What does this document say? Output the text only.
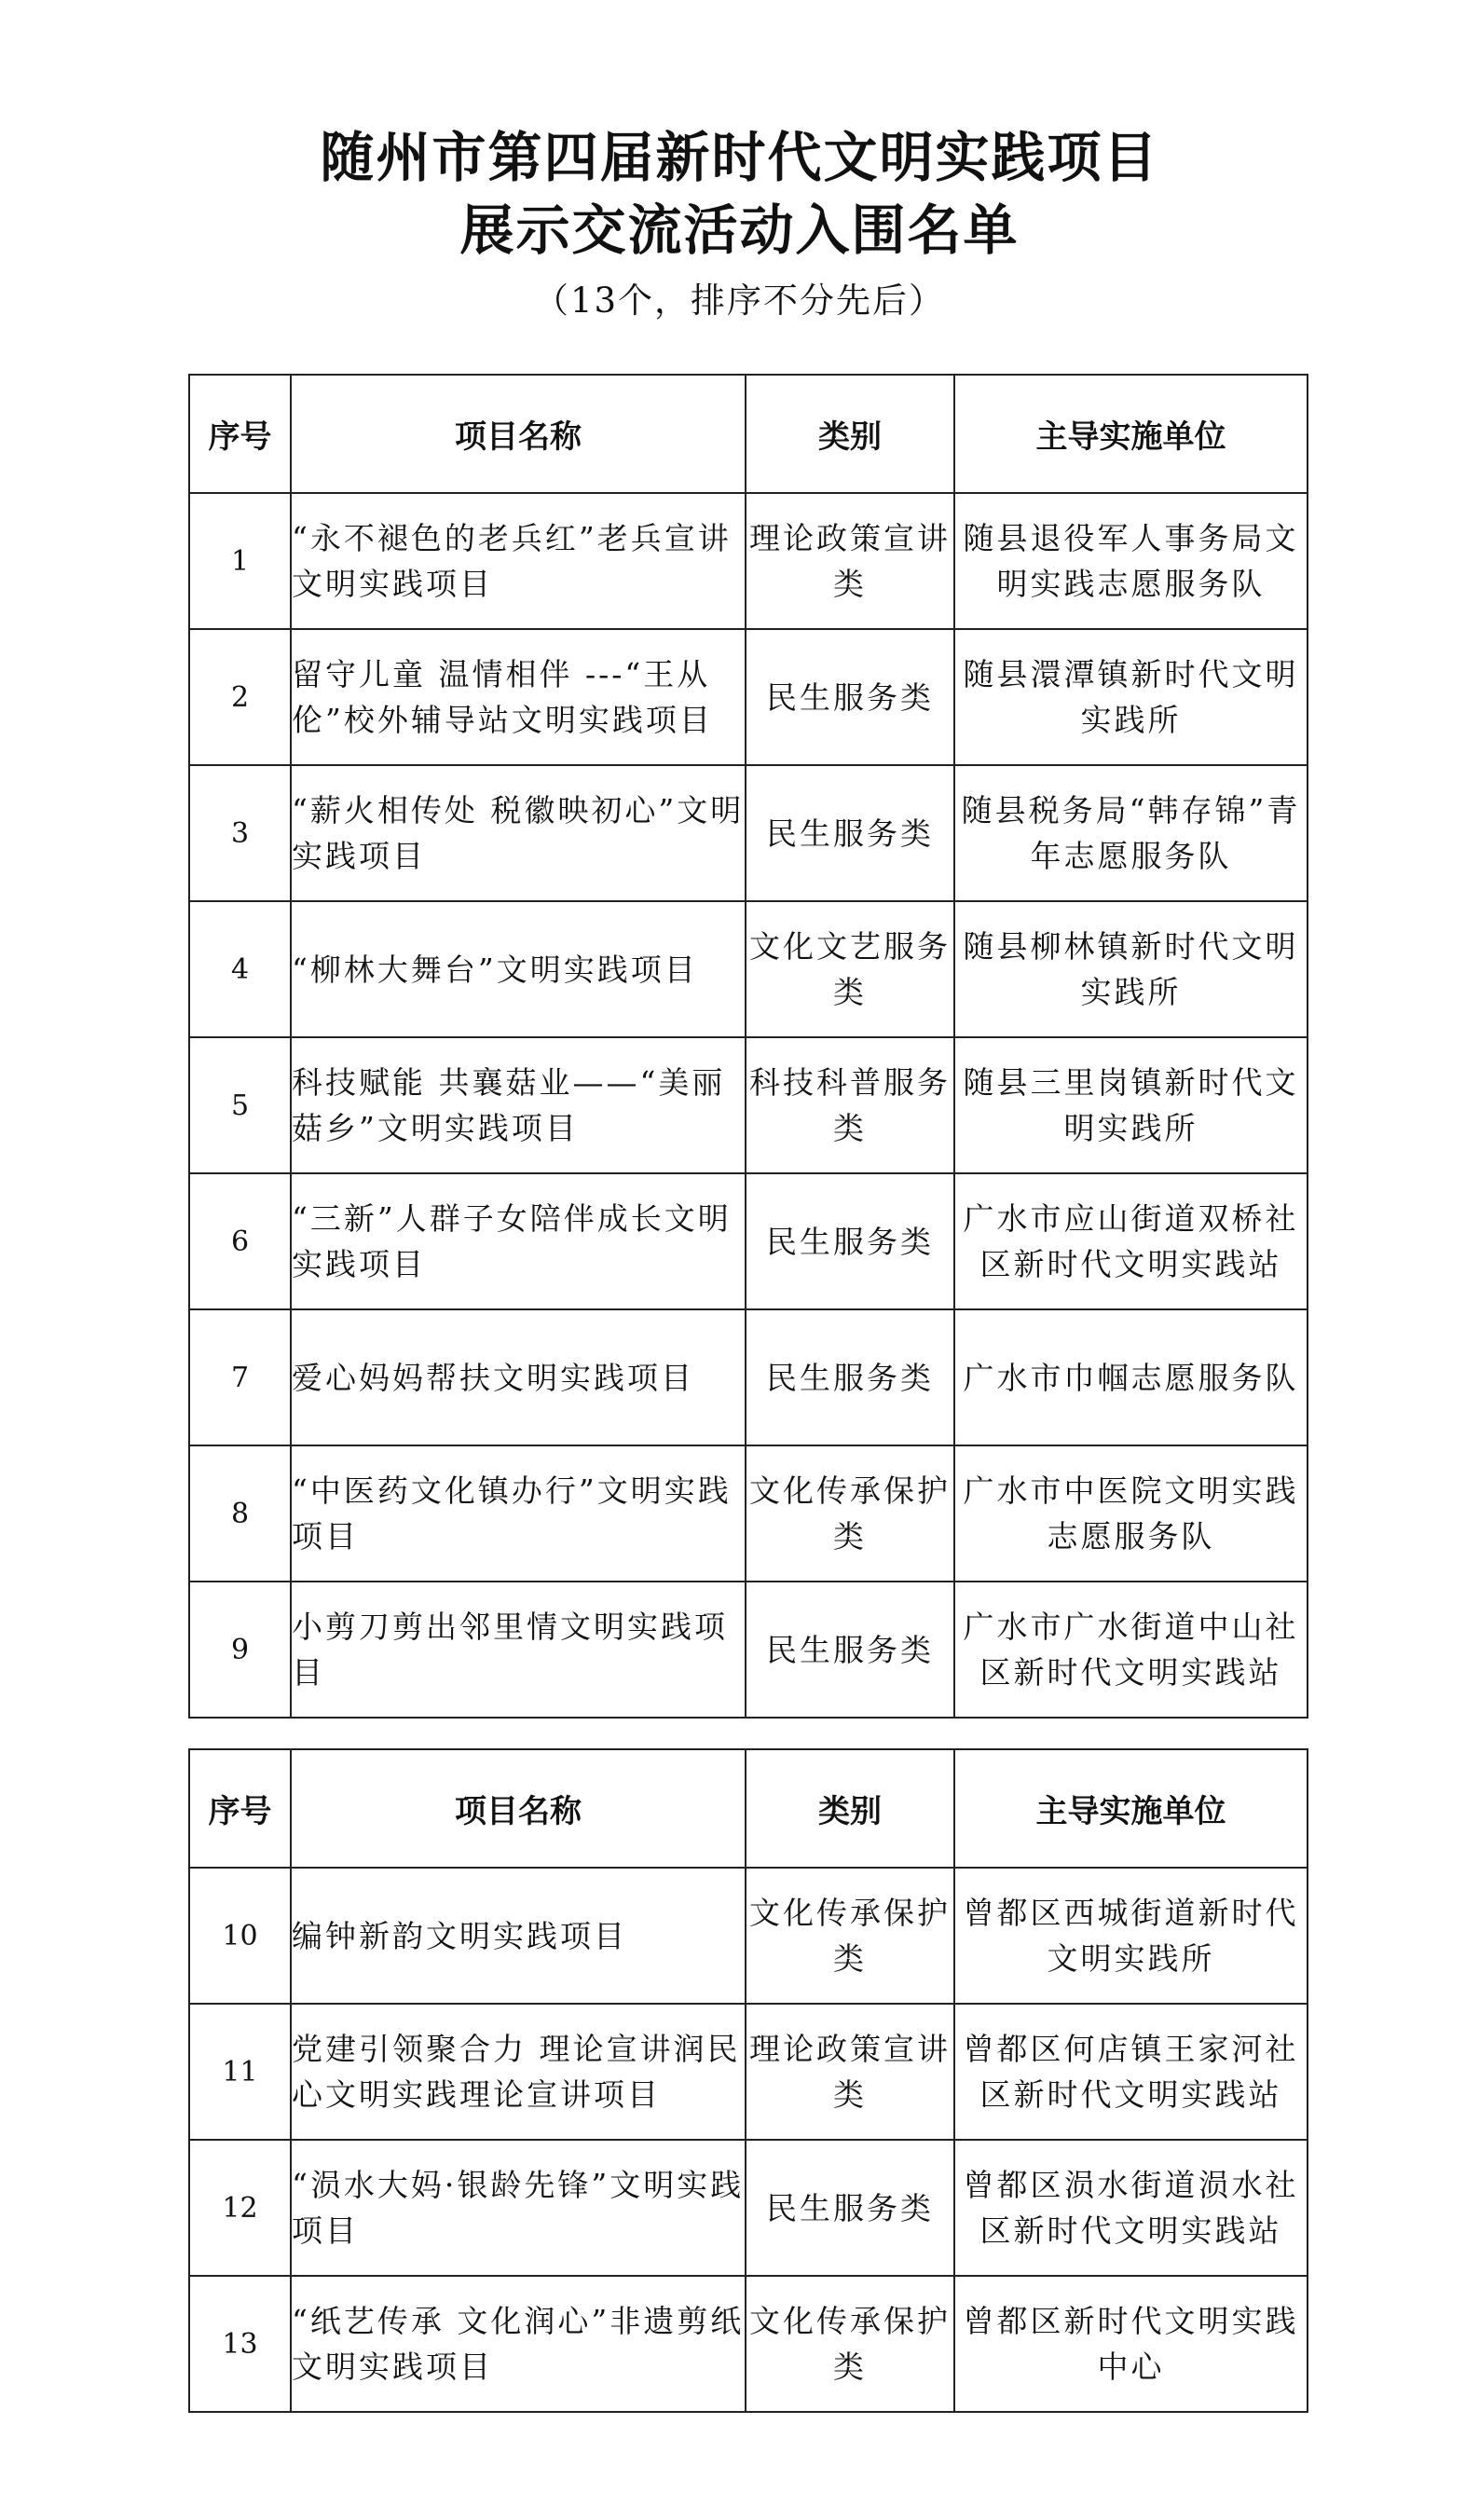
随州市第四届新时代文明实践项目
展示交流活动入围名单
（13个，排序不分先后）
序号	项目名称	类别	主导实施单位
1	“永不褪色的老兵红”老兵宣讲文明实践项目	理论政策宣讲类	随县退役军人事务局文明实践志愿服务队
2	留守儿童 温情相伴 ---“王从伦”校外辅导站文明实践项目	民生服务类	随县澴潭镇新时代文明实践所
3	“薪火相传处 税徽映初心”文明实践项目	民生服务类	随县税务局“韩存锦”青年志愿服务队
4	“柳林大舞台”文明实践项目	文化文艺服务类	随县柳林镇新时代文明实践所
5	科技赋能 共襄菇业——“美丽菇乡”文明实践项目	科技科普服务类	随县三里岗镇新时代文明实践所
6	“三新”人群子女陪伴成长文明实践项目	民生服务类	广水市应山街道双桥社区新时代文明实践站
7	爱心妈妈帮扶文明实践项目	民生服务类	广水市巾帼志愿服务队
8	“中医药文化镇办行”文明实践项目	文化传承保护类	广水市中医院文明实践志愿服务队
9	小剪刀剪出邻里情文明实践项目	民生服务类	广水市广水街道中山社区新时代文明实践站
序号	项目名称	类别	主导实施单位
10	编钟新韵文明实践项目	文化传承保护类	曾都区西城街道新时代文明实践所
11	党建引领聚合力 理论宣讲润民心文明实践理论宣讲项目	理论政策宣讲类	曾都区何店镇王家河社区新时代文明实践站
12	“涢水大妈·银龄先锋”文明实践项目	民生服务类	曾都区涢水街道涢水社区新时代文明实践站
13	“纸艺传承 文化润心”非遗剪纸文明实践项目	文化传承保护类	曾都区新时代文明实践中心
